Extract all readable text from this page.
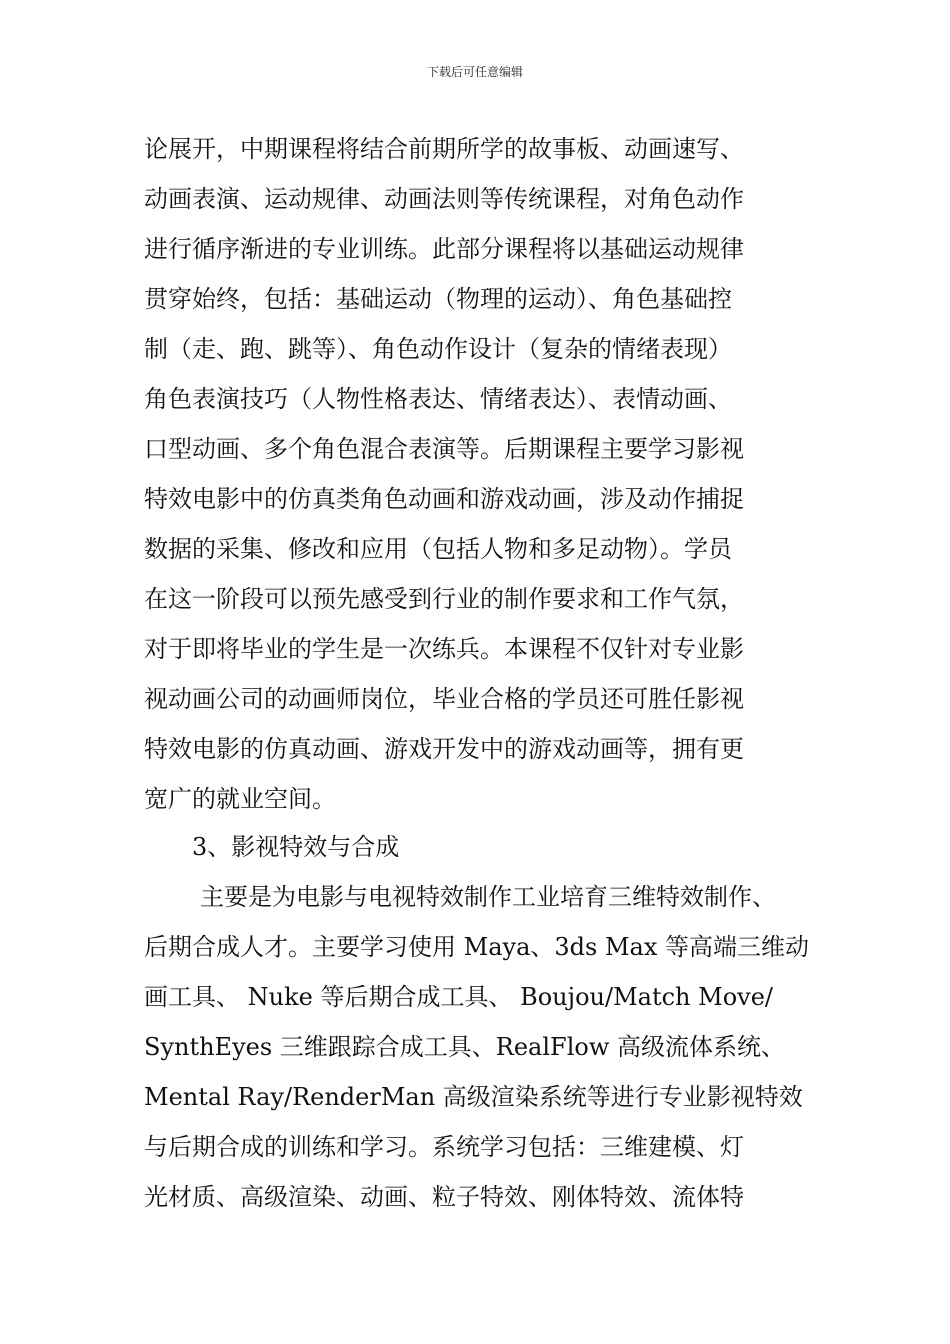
下载后可任意编辑
论展开，中期课程将结合前期所学的故事板、动画速写、
动画表演、运动规律、动画法则等传统课程，对角色动作
进行循序渐进的专业训练。此部分课程将以基础运动规律
贯穿始终，包括：基础运动（物理的运动）、角色基础控
制（走、跑、跳等）、角色动作设计（复杂的情绪表现）
角色表演技巧（人物性格表达、情绪表达）、表情动画、
口型动画、多个角色混合表演等。后期课程主要学习影视
特效电影中的仿真类角色动画和游戏动画，涉及动作捕捉
数据的采集、修改和应用（包括人物和多足动物）。学员
在这一阶段可以预先感受到行业的制作要求和工作气氛，
对于即将毕业的学生是一次练兵。本课程不仅针对专业影
视动画公司的动画师岗位，毕业合格的学员还可胜任影视
特效电影的仿真动画、游戏开发中的游戏动画等，拥有更
宽广的就业空间。
3、影视特效与合成
主要是为电影与电视特效制作工业培育三维特效制作、
后期合成人才。主要学习使用 Maya、3ds Max 等高端三维动
画工具、 Nuke 等后期合成工具、 Boujou/Match Move/
SynthEyes 三维跟踪合成工具、RealFlow 高级流体系统、
Mental Ray/RenderMan 高级渲染系统等进行专业影视特效
与后期合成的训练和学习。系统学习包括：三维建模、灯
光材质、高级渲染、动画、粒子特效、刚体特效、流体特
